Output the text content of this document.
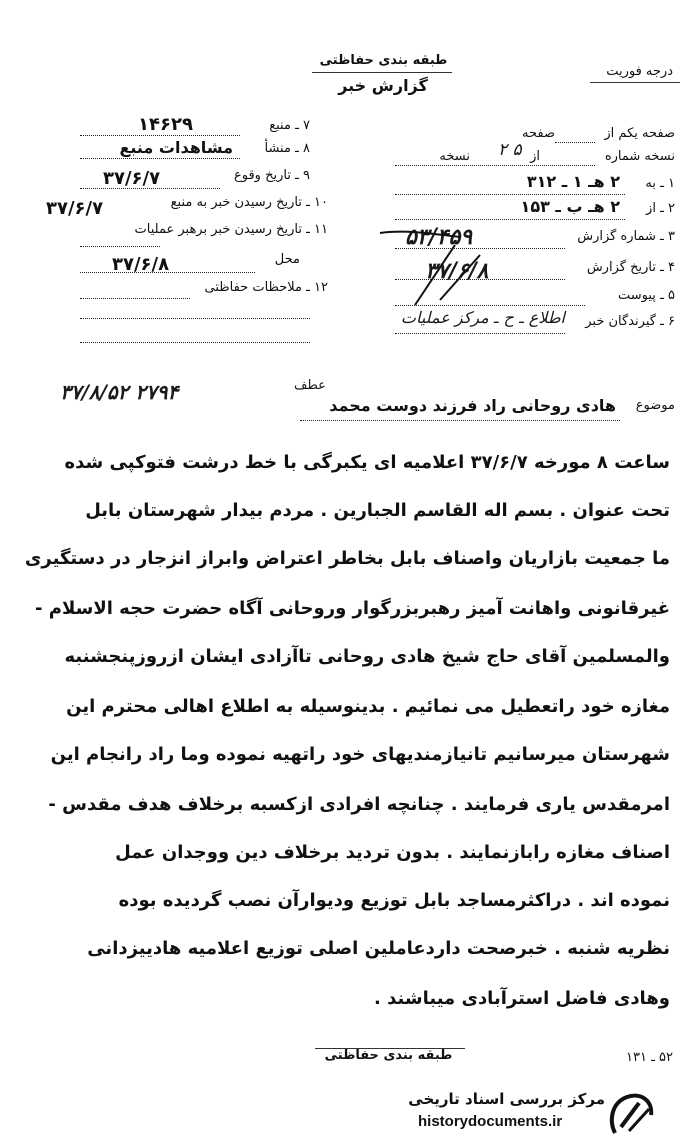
طبقه بندی حفاظتی
گزارش خبر
درجه فوریت
۷ ـ منبع
۱۴۶۲۹
۸ ـ منشأ
مشاهدات منبع
۹ ـ تاریخ وقوع
۳۷/۶/۷
۱۰ ـ تاریخ رسیدن خبر به منبع
۳۷/۶/۷
۱۱ ـ تاریخ رسیدن خبر برهبر عملیات
محل
۳۷/۶/۸
۱۲ ـ ملاحظات حفاظتی
صفحه یکم از
صفحه
نسخه شماره
از
۲ ۵
نسخه
۱ ـ به
۲ هـ ۱ ـ ۳۱۲
۲ ـ از
۲ هـ ب ـ ۱۵۳
۳ ـ شماره گزارش
۵۳/۴۵۹
۴ ـ تاریخ گزارش
۳۷/۶/۸
۵ ـ پیوست
۶ ـ گیرندگان خبر
اطلاع ـ ح ـ مرکز عملیات
موضوع
عطف
هادی روحانی راد فرزند دوست محمد
۳۷/۸/۵۲ ۲۷۹۴
ساعت ۸ مورخه ۳۷/۶/۷ اعلامیه ای یکبرگی با خط درشت فتوکپی شده
تحت عنوان . بسم اله القاسم الجبارین . مردم بیدار شهرستان بابل
ما جمعیت بازاریان واصناف بابل بخاطر اعتراض وابراز انزجار در دستگیری
غیرقانونی واهانت آمیز رهبربزرگوار وروحانی آگاه حضرت حجه الاسلام -
والمسلمین آقای حاج شیخ هادی روحانی تاآزادی ایشان ازروزپنجشنبه
مغازه خود راتعطیل می نمائیم . بدینوسیله به اطلاع اهالی محترم این
شهرستان میرسانیم تانیازمندیهای خود راتهیه نموده وما راد رانجام این
امرمقدس یاری فرمایند . چنانچه افرادی ازکسبه برخلاف هدف مقدس -
اصناف مغازه رابازنمایند . بدون تردید برخلاف دین ووجدان عمل
نموده اند . دراکثرمساجد بابل توزیع ودیوارآن نصب گردیده بوده
نظریه شنبه . خبرصحت داردعاملین اصلی توزیع اعلامیه هادییزدانی
وهادی فاضل استرآبادی میباشند .
طبقه بندی حفاظتی	۵۲ ـ ۱۳۱
مرکز بررسی اسناد تاریخی
historydocuments.ir
